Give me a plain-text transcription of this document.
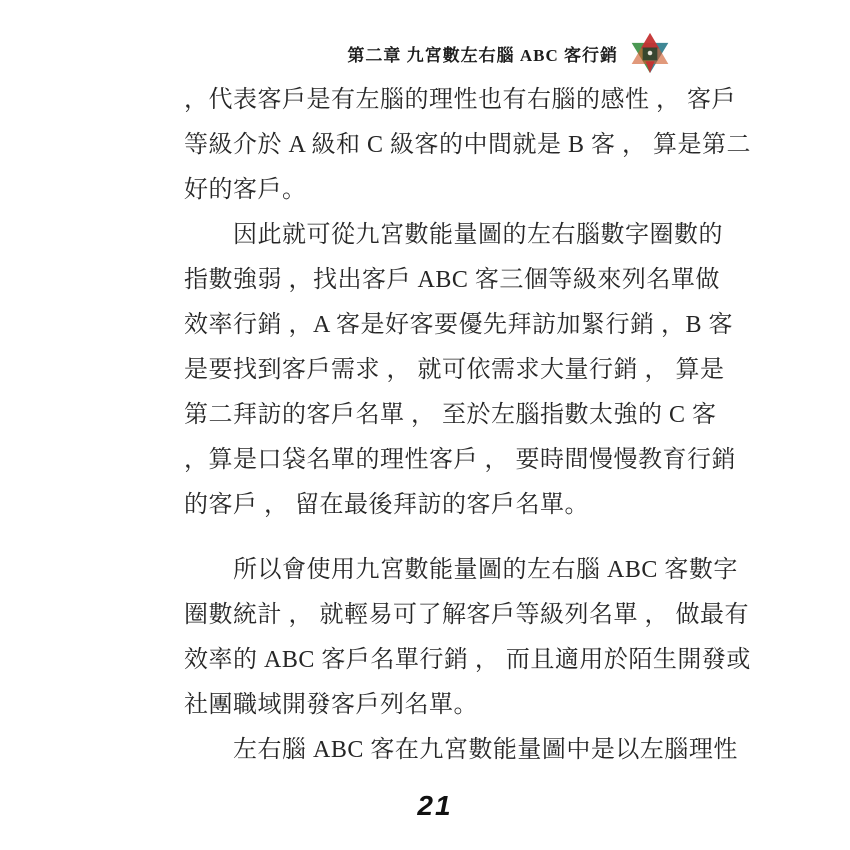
第二章 九宮數左右腦 ABC 客行銷
，代表客戶是有左腦的理性也有右腦的感性 ， 客戶
等級介於 A 級和 C 級客的中間就是 B 客 ， 算是第二
好的客戶。
　　因此就可從九宮數能量圖的左右腦數字圈數的
指數強弱 ，找出客戶 ABC 客三個等級來列名單做
效率行銷 ，A 客是好客要優先拜訪加緊行銷 ，B 客
是要找到客戶需求 ， 就可依需求大量行銷 ， 算是
第二拜訪的客戶名單 ， 至於左腦指數太強的 C 客
，算是口袋名單的理性客戶 ， 要時間慢慢教育行銷
的客戶 ， 留在最後拜訪的客戶名單。
　　所以會使用九宮數能量圖的左右腦 ABC 客數字
圈數統計 ， 就輕易可了解客戶等級列名單 ， 做最有
效率的 ABC 客戶名單行銷 ， 而且適用於陌生開發或
社團職域開發客戶列名單。
　　左右腦 ABC 客在九宮數能量圖中是以左腦理性
21
